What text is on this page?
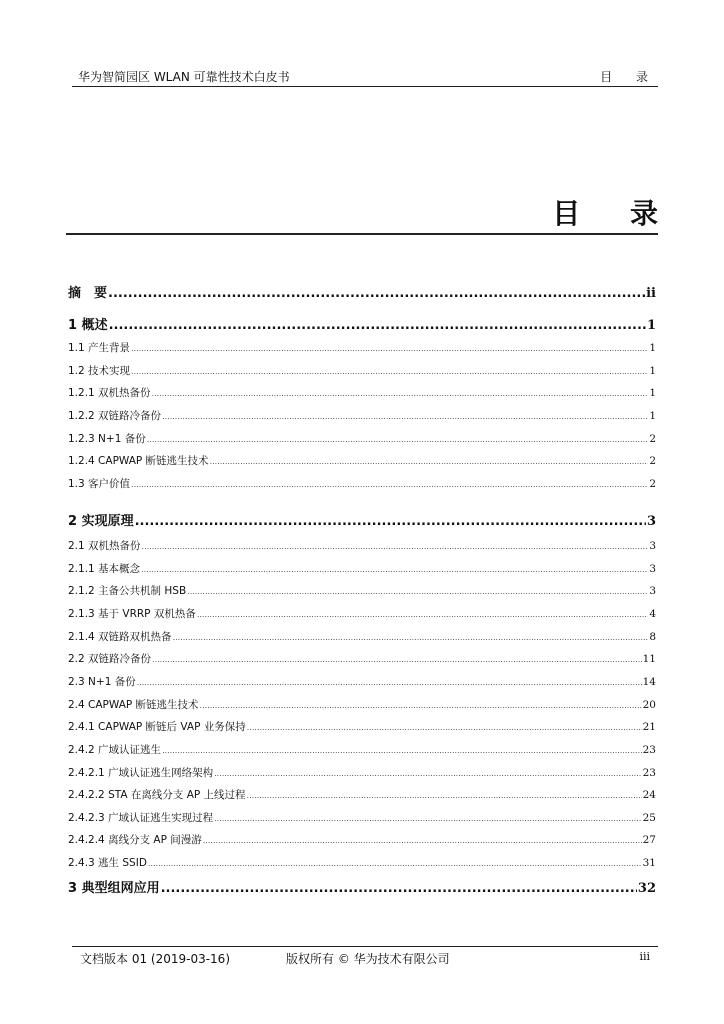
华为智简园区 WLAN 可靠性技术白皮书	目 录
目 录
摘　要 .....	ii
1 概述 .....	1
1.1 产生背景 .....	1
1.2 技术实现 .....	1
1.2.1 双机热备份 .....	1
1.2.2 双链路冷备份 .....	1
1.2.3 N+1 备份 .....	2
1.2.4 CAPWAP 断链逃生技术 .....	2
1.3 客户价值 .....	2
2 实现原理 .....	3
2.1 双机热备份 .....	3
2.1.1 基本概念 .....	3
2.1.2 主备公共机制 HSB .....	3
2.1.3 基于 VRRP 双机热备 .....	4
2.1.4 双链路双机热备 .....	8
2.2 双链路冷备份 .....	11
2.3 N+1 备份 .....	14
2.4 CAPWAP 断链逃生技术 .....	20
2.4.1 CAPWAP 断链后 VAP 业务保持 .....	21
2.4.2 广域认证逃生 .....	23
2.4.2.1 广域认证逃生网络架构 .....	23
2.4.2.2 STA 在离线分支 AP 上线过程 .....	24
2.4.2.3 广域认证逃生实现过程 .....	25
2.4.2.4 离线分支 AP 间漫游 .....	27
2.4.3 逃生 SSID .....	31
3 典型组网应用 .....	32
文档版本 01 (2019-03-16)	版权所有 © 华为技术有限公司	iii
